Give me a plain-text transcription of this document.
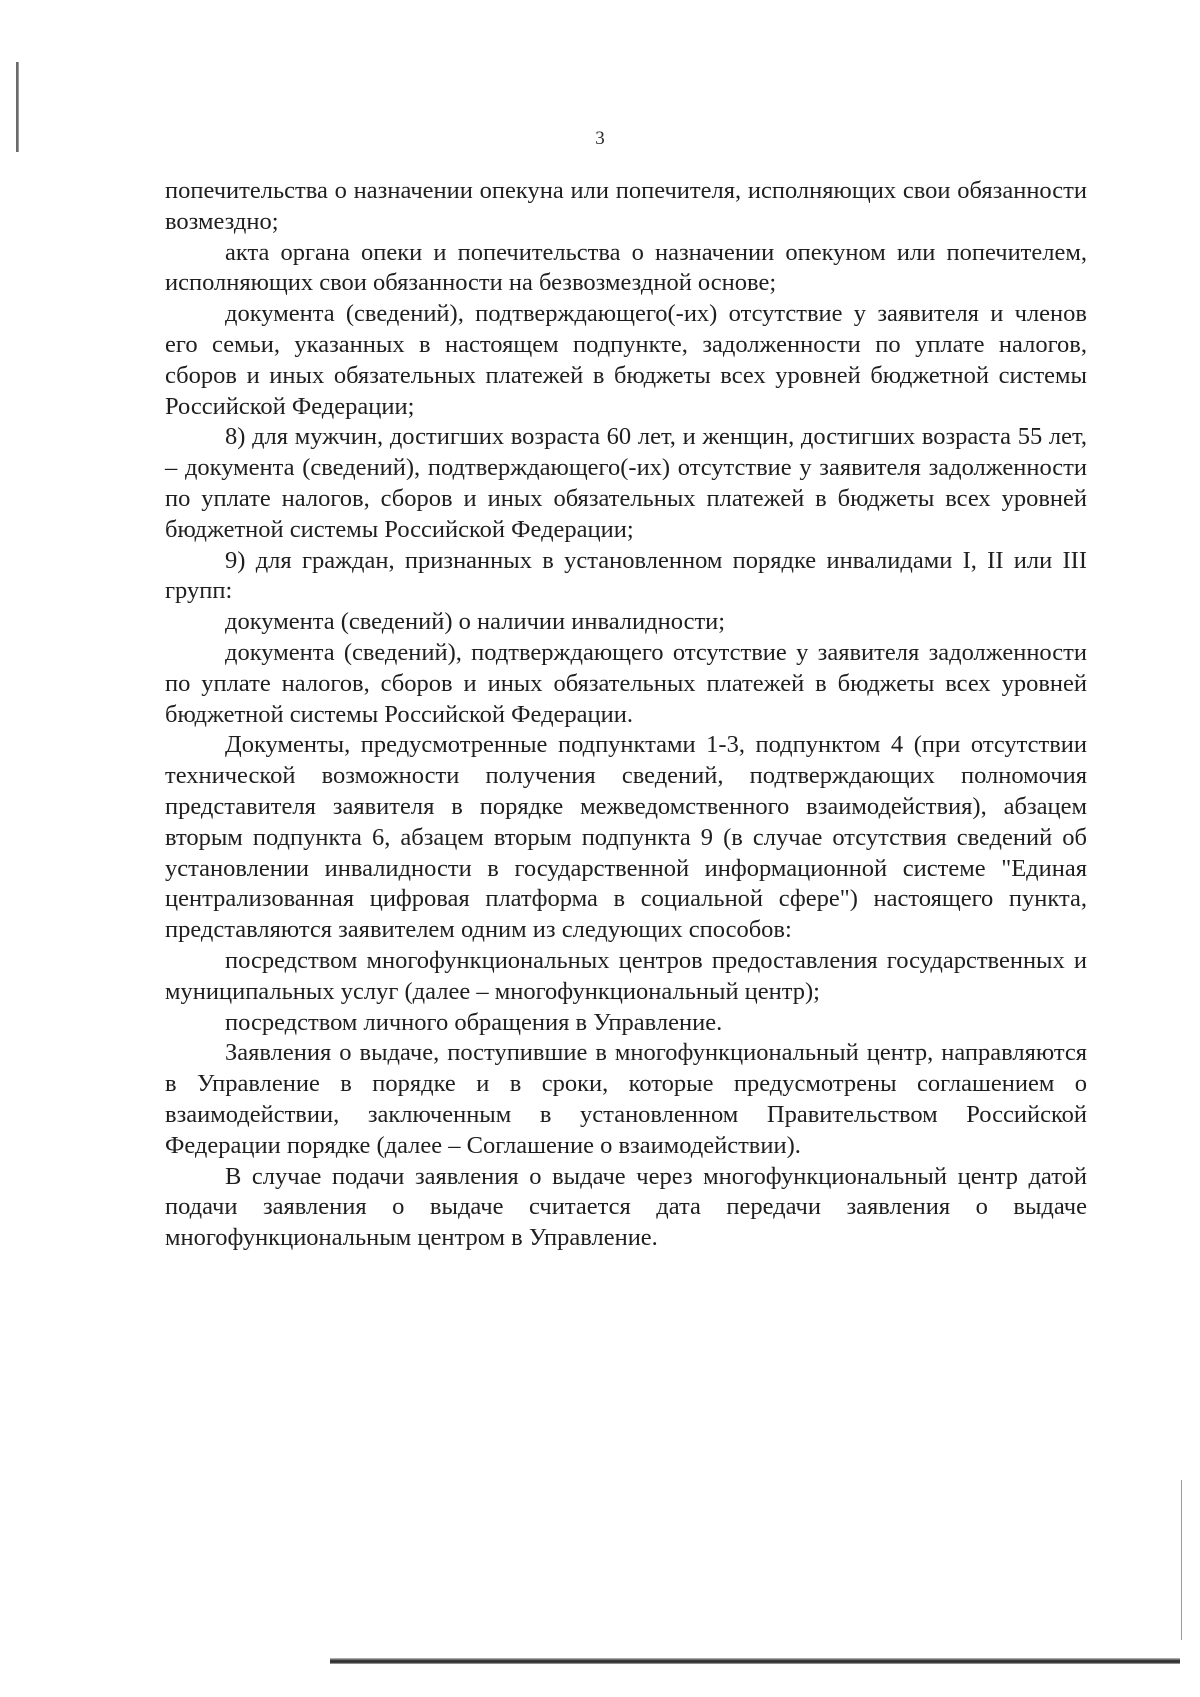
3

попечительства о назначении опекуна или попечителя, исполняющих свои обязанности возмездно;

акта органа опеки и попечительства о назначении опекуном или попечителем, исполняющих свои обязанности на безвозмездной основе;

документа (сведений), подтверждающего(-их) отсутствие у заявителя и членов его семьи, указанных в настоящем подпункте, задолженности по уплате налогов, сборов и иных обязательных платежей в бюджеты всех уровней бюджетной системы Российской Федерации;

8) для мужчин, достигших возраста 60 лет, и женщин, достигших возраста 55 лет, – документа (сведений), подтверждающего(-их) отсутствие у заявителя задолженности по уплате налогов, сборов и иных обязательных платежей в бюджеты всех уровней бюджетной системы Российской Федерации;

9) для граждан, признанных в установленном порядке инвалидами I, II или III групп:

документа (сведений) о наличии инвалидности;

документа (сведений), подтверждающего отсутствие у заявителя задолженности по уплате налогов, сборов и иных обязательных платежей в бюджеты всех уровней бюджетной системы Российской Федерации.

Документы, предусмотренные подпунктами 1-3, подпунктом 4 (при отсутствии технической возможности получения сведений, подтверждающих полномочия представителя заявителя в порядке межведомственного взаимодействия), абзацем вторым подпункта 6, абзацем вторым подпункта 9 (в случае отсутствия сведений об установлении инвалидности в государственной информационной системе "Единая централизованная цифровая платформа в социальной сфере") настоящего пункта, представляются заявителем одним из следующих способов:

посредством многофункциональных центров предоставления государственных и муниципальных услуг (далее – многофункциональный центр);

посредством личного обращения в Управление.

Заявления о выдаче, поступившие в многофункциональный центр, направляются в Управление в порядке и в сроки, которые предусмотрены соглашением о взаимодействии, заключенным в установленном Правительством Российской Федерации порядке (далее – Соглашение о взаимодействии).

В случае подачи заявления о выдаче через многофункциональный центр датой подачи заявления о выдаче считается дата передачи заявления о выдаче многофункциональным центром в Управление.
